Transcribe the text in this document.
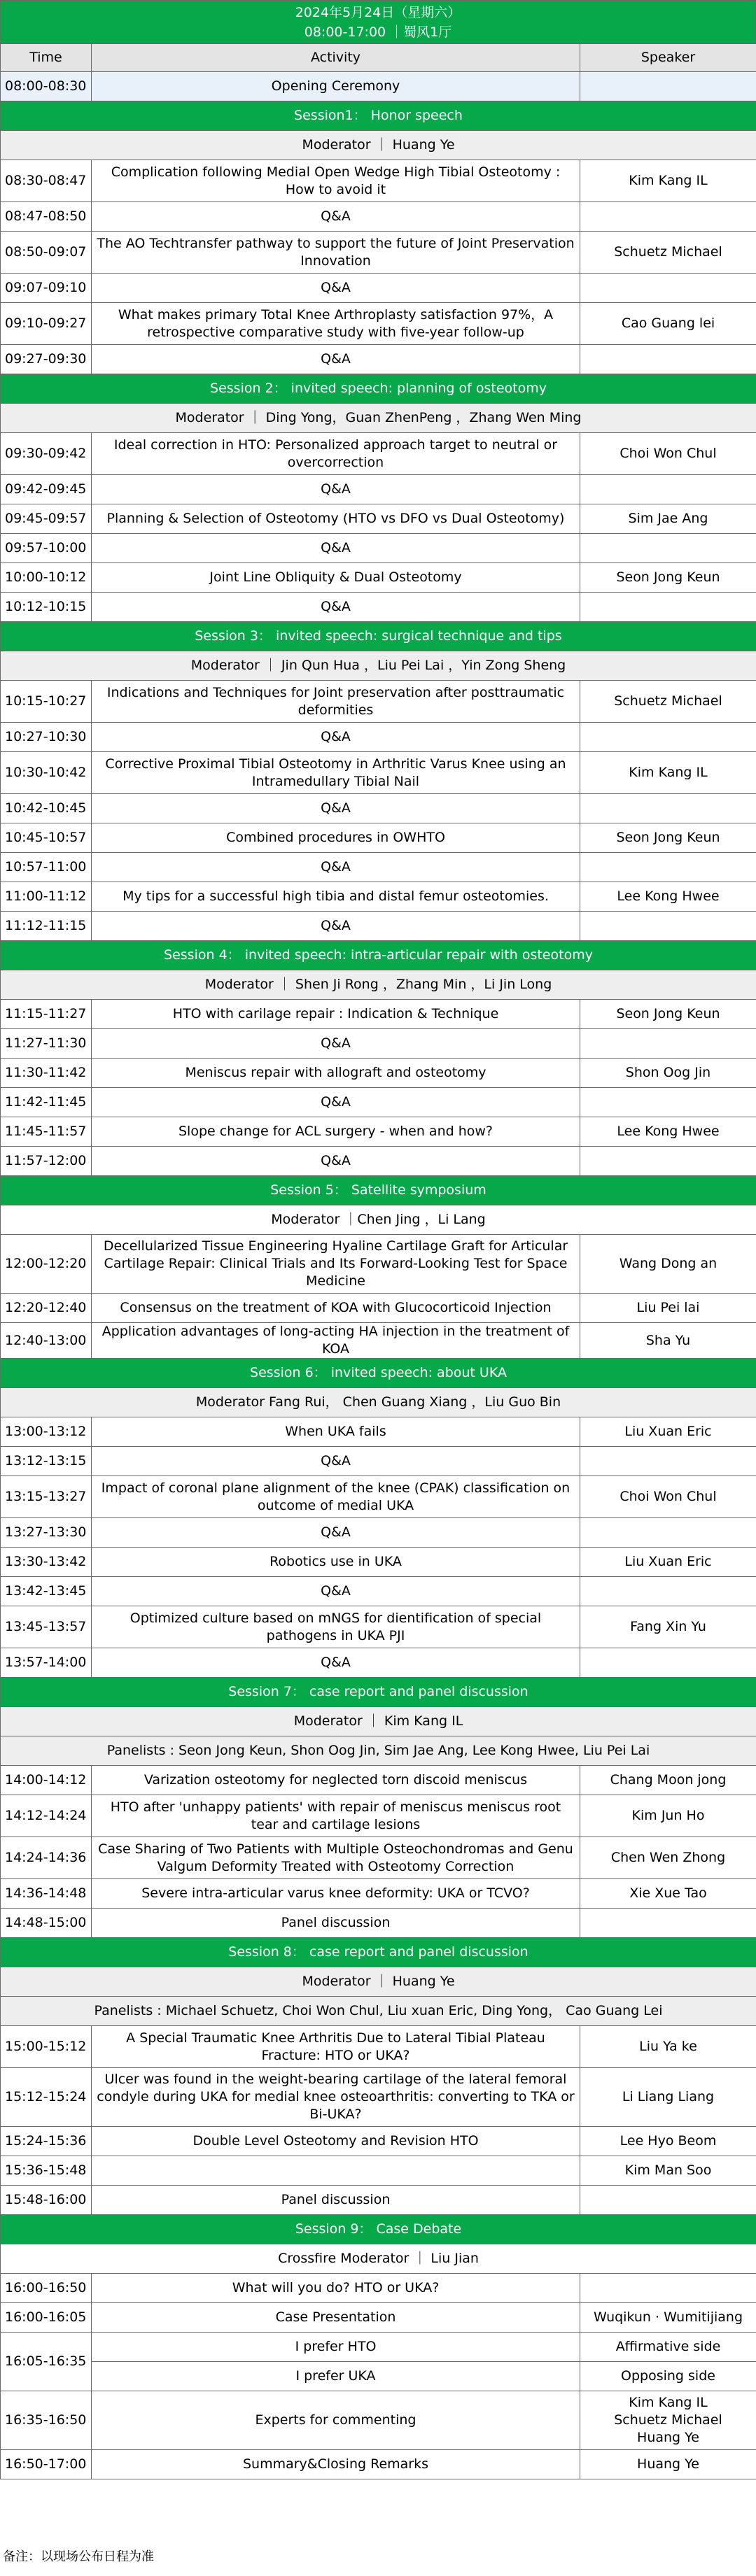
2024年5月24日（星期六）
08:00-17:00 ｜蜀风1厅
Time	Activity	Speaker
08:00-08:30	Opening Ceremony	
Session1： Honor speech		
Moderator ｜ Huang Ye		
08:30-08:47	Complication following Medial Open Wedge High Tibial Osteotomy : How to avoid it	Kim Kang IL
08:47-08:50	Q&A	
08:50-09:07	The AO Techtransfer pathway to support the future of Joint Preservation Innovation	Schuetz Michael
09:07-09:10	Q&A	
09:10-09:27	What makes primary Total Knee Arthroplasty satisfaction 97%，A retrospective comparative study with five-year follow-up	Cao Guang lei
09:27-09:30	Q&A	
Session 2： invited speech: planning of osteotomy		
Moderator ｜ Ding Yong，Guan ZhenPeng ，Zhang Wen Ming		
09:30-09:42	Ideal correction in HTO: Personalized approach target to neutral or overcorrection	Choi Won Chul
09:42-09:45	Q&A	
09:45-09:57	Planning & Selection of Osteotomy (HTO vs DFO vs Dual Osteotomy)	Sim Jae Ang
09:57-10:00	Q&A	
10:00-10:12	Joint Line Obliquity & Dual Osteotomy	Seon Jong Keun
10:12-10:15	Q&A	
Session 3： invited speech: surgical technique and tips		
Moderator ｜ Jin Qun Hua ，Liu Pei Lai ，Yin Zong Sheng		
10:15-10:27	Indications and Techniques for Joint preservation after posttraumatic deformities	Schuetz Michael
10:27-10:30	Q&A	
10:30-10:42	Corrective Proximal Tibial Osteotomy in Arthritic Varus Knee using an Intramedullary Tibial Nail	Kim Kang IL
10:42-10:45	Q&A	
10:45-10:57	Combined procedures in OWHTO	Seon Jong Keun
10:57-11:00	Q&A	
11:00-11:12	My tips for a successful high tibia and distal femur osteotomies.	Lee Kong Hwee
11:12-11:15	Q&A	
Session 4： invited speech: intra-articular repair with osteotomy		
Moderator ｜ Shen Ji Rong ，Zhang Min ，Li Jin Long		
11:15-11:27	HTO with carilage repair : Indication & Technique	Seon Jong Keun
11:27-11:30	Q&A	
11:30-11:42	Meniscus repair with allograft and osteotomy	Shon Oog Jin
11:42-11:45	Q&A	
11:45-11:57	Slope change for ACL surgery - when and how?	Lee Kong Hwee
11:57-12:00	Q&A	
Session 5： Satellite symposium		
Moderator ｜Chen Jing ，Li Lang		
12:00-12:20	Decellularized Tissue Engineering Hyaline Cartilage Graft for Articular Cartilage Repair: Clinical Trials and Its Forward-Looking Test for Space Medicine	Wang Dong an
12:20-12:40	Consensus on the treatment of KOA with Glucocorticoid Injection	Liu Pei lai
12:40-13:00	Application advantages of long-acting HA injection in the treatment of KOA	Sha Yu
Session 6： invited speech: about UKA		
Moderator Fang Rui， Chen Guang Xiang ，Liu Guo Bin		
13:00-13:12	When UKA fails	Liu Xuan Eric
13:12-13:15	Q&A	
13:15-13:27	Impact of coronal plane alignment of the knee (CPAK) classification on outcome of medial UKA	Choi Won Chul
13:27-13:30	Q&A	
13:30-13:42	Robotics use in UKA	Liu Xuan Eric
13:42-13:45	Q&A	
13:45-13:57	Optimized culture based on mNGS for dientification of special pathogens in UKA PJI	Fang Xin Yu
13:57-14:00	Q&A	
Session 7： case report and panel discussion		
Moderator ｜ Kim Kang IL		
Panelists : Seon Jong Keun, Shon Oog Jin, Sim Jae Ang, Lee Kong Hwee, Liu Pei Lai		
14:00-14:12	Varization osteotomy for neglected torn discoid meniscus	Chang Moon jong
14:12-14:24	HTO after 'unhappy patients' with repair of meniscus meniscus root tear and cartilage lesions	Kim Jun Ho
14:24-14:36	Case Sharing of Two Patients with Multiple Osteochondromas and Genu Valgum Deformity Treated with Osteotomy Correction	Chen Wen Zhong
14:36-14:48	Severe intra-articular varus knee deformity: UKA or TCVO?	Xie Xue Tao
14:48-15:00	Panel discussion	
Session 8： case report and panel discussion		
Moderator ｜ Huang Ye		
Panelists : Michael Schuetz, Choi Won Chul, Liu xuan Eric, Ding Yong， Cao Guang Lei		
15:00-15:12	A Special Traumatic Knee Arthritis Due to Lateral Tibial Plateau Fracture: HTO or UKA?	Liu Ya ke
15:12-15:24	Ulcer was found in the weight-bearing cartilage of the lateral femoral condyle during UKA for medial knee osteoarthritis: converting to TKA or Bi-UKA?	Li Liang Liang
15:24-15:36	Double Level Osteotomy and Revision HTO	Lee Hyo Beom
15:36-15:48		Kim Man Soo
15:48-16:00	Panel discussion	
Session 9： Case Debate		
Crossfire Moderator ｜ Liu Jian		
16:00-16:50	What will you do? HTO or UKA?	
16:00-16:05	Case Presentation	Wuqikun · Wumitijiang
16:05-16:35	I prefer HTO	Affirmative side
	I prefer UKA	Opposing side
16:35-16:50	Experts for commenting	Kim Kang IL
Schuetz Michael
Huang Ye

16:50-17:00	Summary&Closing Remarks	Huang Ye
备注：以现场公布日程为准
